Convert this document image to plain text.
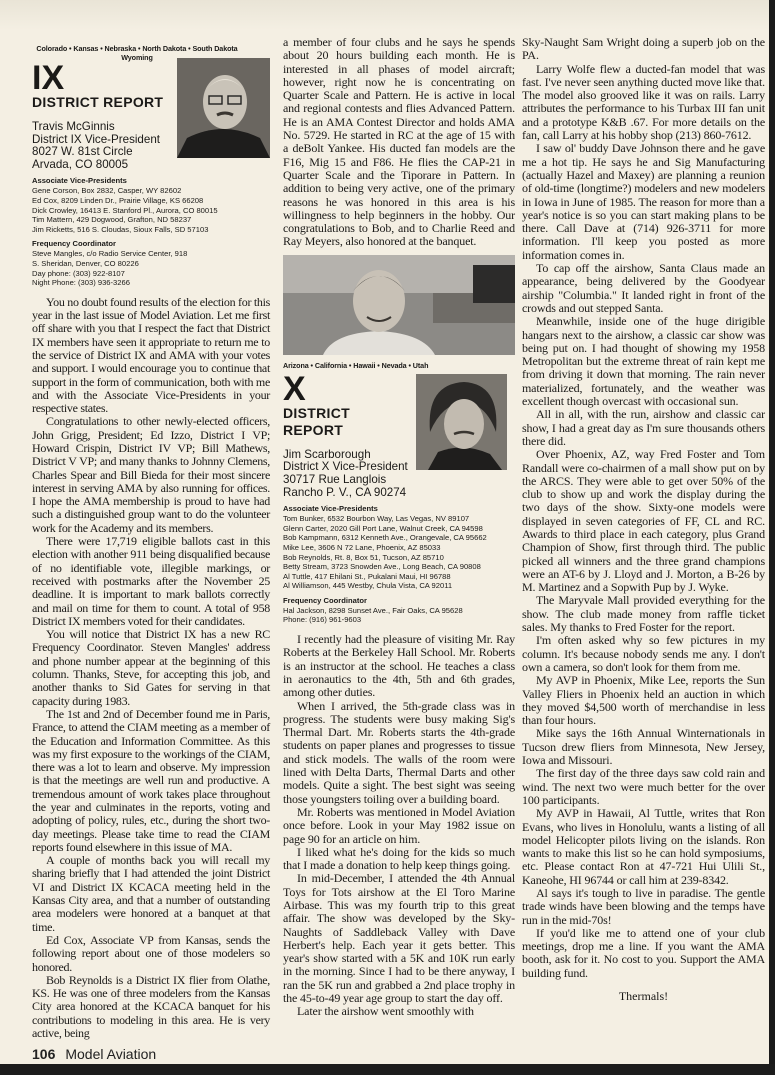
Colorado • Kansas • Nebraska • North Dakota • South Dakota
Wyoming
IX
DISTRICT REPORT
Travis McGinnis
District IX Vice-President
8027 W. 81st Circle
Arvada, CO 80005
Associate Vice-Presidents
Gene Corson, Box 2832, Casper, WY 82602
Ed Cox, 8209 Linden Dr., Prairie Village, KS 66208
Dick Crowley, 16413 E. Stanford Pl., Aurora, CO 80015
Tim Mattern, 429 Dogwood, Grafton, ND 58237
Jim Ricketts, 516 S. Cloudas, Sioux Falls, SD 57103
Frequency Coordinator
Steve Mangles, c/o Radio Service Center, 918
S. Sheridan, Denver, CO 80226
Day phone: (303) 922-8107
Night Phone: (303) 936-3266

You no doubt found results of the election for this year in the last issue of Model Aviation. Let me first off share with you that I respect the fact that District IX members have seen it appropriate to return me to the service of District IX and AMA with your votes and support. I would encourage you to continue that support in the form of communication, both with me and with the Associate Vice-Presidents in your respective states.

Congratulations to other newly-elected officers, John Grigg, President; Ed Izzo, District I VP; Howard Crispin, District IV VP; Bill Mathews, District V VP; and many thanks to Johnny Clemens, Charles Spear and Bill Bieda for their most sincere interest in serving AMA by also running for offices. I hope the AMA membership is proud to have had such a distinguished group want to do the volunteer work for the Academy and its members.

There were 17,719 eligible ballots cast in this election with another 911 being disqualified because of no identifiable vote, illegible markings, or received with postmarks after the November 25 deadline. It is important to mark ballots correctly and mail on time for them to count. A total of 958 District IX members voted for their candidates.

You will notice that District IX has a new RC Frequency Coordinator. Steven Mangles' address and phone number appear at the beginning of this column. Thanks, Steve, for accepting this job, and another thanks to Sid Gates for serving in that capacity during 1983.

The 1st and 2nd of December found me in Paris, France, to attend the CIAM meeting as a member of the Education and Information Committee. As this was my first exposure to the workings of the CIAM, there was a lot to learn and observe. My impression is that the meetings are well run and productive. A tremendous amount of work takes place throughout the year and culminates in the reports, voting and adopting of policy, rules, etc., during the short two-day meetings. Please take time to read the CIAM reports found elsewhere in this issue of MA.

A couple of months back you will recall my sharing briefly that I had attended the joint District VI and District IX KCACA meeting held in the Kansas City area, and that a number of outstanding area modelers were honored at a banquet at that time.

Ed Cox, Associate VP from Kansas, sends the following report about one of those modelers so honored.

Bob Reynolds is a District IX flier from Olathe, KS. He was one of three modelers from the Kansas City area honored at the KCACA banquet for his contributions to modeling in this area. He is very active, being

a member of four clubs and he says he spends about 20 hours building each month. He is interested in all phases of model aircraft; however, right now he is concentrating on Quarter Scale and Pattern. He is active in local and regional contests and flies Advanced Pattern. He is an AMA Contest Director and holds AMA No. 5729. He started in RC at the age of 15 with a deBolt Yankee. His ducted fan models are the F16, Mig 15 and F86. He flies the CAP-21 in Quarter Scale and the Tiporare in Pattern. In addition to being very active, one of the primary reasons he was honored in this area is his willingness to help beginners in the hobby. Our congratulations to Bob, and to Charlie Reed and Ray Meyers, also honored at the banquet.

Arizona • California • Hawaii • Nevada • Utah
X
DISTRICT REPORT
Jim Scarborough
District X Vice-President
30717 Rue Langlois
Rancho P. V., CA 90274
Associate Vice-Presidents
Tom Bunker, 6532 Bourbon Way, Las Vegas, NV 89107
Glenn Carter, 2020 Gill Port Lane, Walnut Creek, CA 94598
Bob Kampmann, 6312 Kenneth Ave., Orangevale, CA 95662
Mike Lee, 3606 N 72 Lane, Phoenix, AZ 85033
Bob Reynolds, Rt. 8, Box 51, Tucson, AZ 85710
Betty Stream, 3723 Snowden Ave., Long Beach, CA 90808
Al Tuttle, 417 Ehilani St., Pukalani Maui, HI 96788
Al Williamson, 445 Westby, Chula Vista, CA 92011
Frequency Coordinator
Hal Jackson, 8298 Sunset Ave., Fair Oaks, CA 95628
Phone: (916) 961-9603

I recently had the pleasure of visiting Mr. Ray Roberts at the Berkeley Hall School. Mr. Roberts is an instructor at the school. He teaches a class in aeronautics to the 4th, 5th and 6th grades, among other duties.

When I arrived, the 5th-grade class was in progress. The students were busy making Sig's Thermal Dart. Mr. Roberts starts the 4th-grade students on paper planes and progresses to tissue and stick models. The walls of the room were lined with Delta Darts, Thermal Darts and other models. Quite a sight. The best sight was seeing those youngsters toiling over a building board.

Mr. Roberts was mentioned in Model Aviation once before. Look in your May 1982 issue on page 90 for an article on him.

I liked what he's doing for the kids so much that I made a donation to help keep things going.

In mid-December, I attended the 4th Annual Toys for Tots airshow at the El Toro Marine Airbase. This was my fourth trip to this great affair. The show was developed by the Sky-Naughts of Saddleback Valley with Dave Herbert's help. Each year it gets better. This year's show started with a 5K and 10K run early in the morning. Since I had to be there anyway, I ran the 5K run and grabbed a 2nd place trophy in the 45-to-49 year age group to start the day off.

Later the airshow went smoothly with

Sky-Naught Sam Wright doing a superb job on the PA.

Larry Wolfe flew a ducted-fan model that was fast. I've never seen anything ducted move like that. The model also grooved like it was on rails. Larry attributes the performance to his Turbax III fan unit and a prototype K&B .67. For more details on the fan, call Larry at his hobby shop (213) 860-7612.

I saw ol' buddy Dave Johnson there and he gave me a hot tip. He says he and Sig Manufacturing (actually Hazel and Maxey) are planning a reunion of old-time (longtime?) modelers and new modelers in Iowa in June of 1985. The reason for more than a year's notice is so you can start making plans to be there. Call Dave at (714) 926-3711 for more information. I'll keep you posted as more information comes in.

To cap off the airshow, Santa Claus made an appearance, being delivered by the Goodyear airship "Columbia." It landed right in front of the crowds and out stepped Santa.

Meanwhile, inside one of the huge dirigible hangars next to the airshow, a classic car show was being put on. I had thought of showing my 1958 Metropolitan but the extreme threat of rain kept me from driving it down that morning. The rain never materialized, fortunately, and the weather was excellent though overcast with occasional sun.

All in all, with the run, airshow and classic car show, I had a great day as I'm sure thousands others there did.

Over Phoenix, AZ, way Fred Foster and Tom Randall were co-chairmen of a mall show put on by the ARCS. They were able to get over 50% of the club to show up and work the display during the two days of the show. Sixty-one models were displayed in seven categories of FF, CL and RC. Awards to third place in each category, plus Grand Champion of Show, first through third. The public picked all winners and the three grand champions were an AT-6 by J. Lloyd and J. Morton, a B-26 by M. Martinez and a Sopwith Pup by J. Wyke.

The Maryvale Mall provided everything for the show. The club made money from raffle ticket sales. My thanks to Fred Foster for the report.

I'm often asked why so few pictures in my column. It's because nobody sends me any. I don't own a camera, so don't look for them from me.

My AVP in Phoenix, Mike Lee, reports the Sun Valley Fliers in Phoenix held an auction in which they moved $4,500 worth of merchandise in less than four hours.

Mike says the 16th Annual Winternationals in Tucson drew fliers from Minnesota, New Jersey, Iowa and Missouri.

The first day of the three days saw cold rain and wind. The next two were much better for the over 100 participants.

My AVP in Hawaii, Al Tuttle, writes that Ron Evans, who lives in Honolulu, wants a listing of all model Helicopter pilots living on the islands. Ron wants to make this list so he can hold symposiums, etc. Please contact Ron at 47-721 Hui Ulili St., Kaneohe, HI 96744 or call him at 239-8342.

Al says it's tough to live in paradise. The gentle trade winds have been blowing and the temps have run in the mid-70s!

If you'd like me to attend one of your club meetings, drop me a line. If you want the AMA booth, ask for it. No cost to you. Support the AMA building fund.

Thermals!
106 Model Aviation
